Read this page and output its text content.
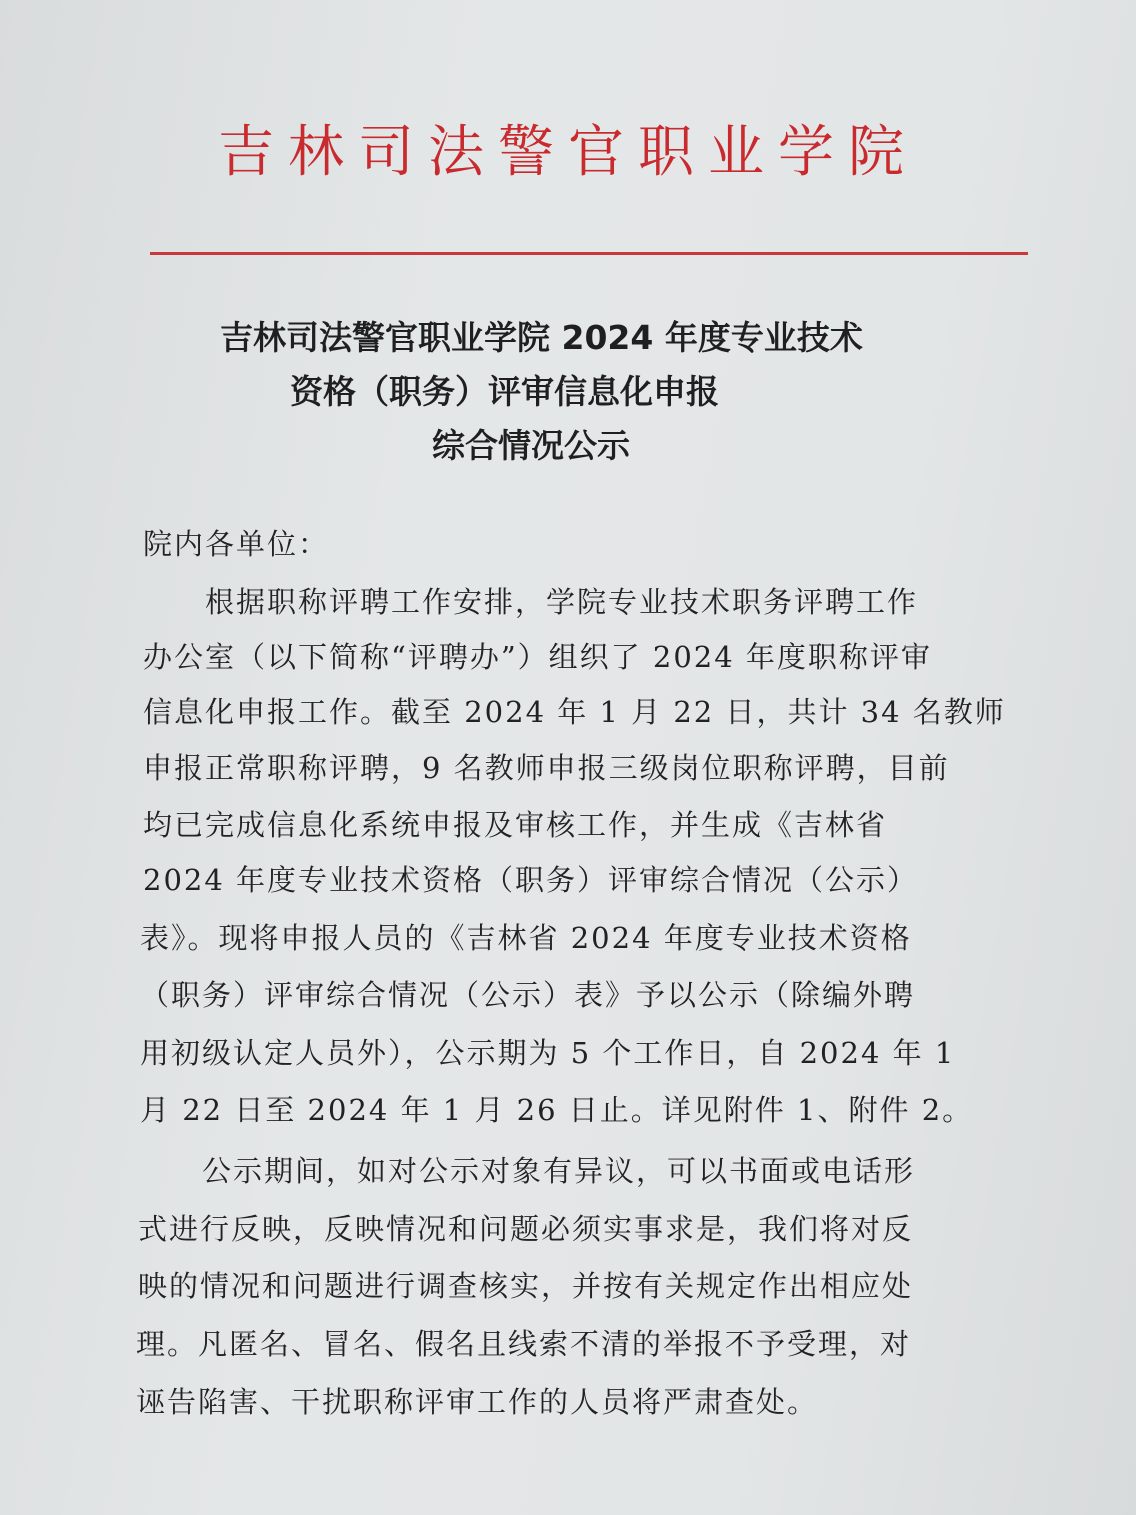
吉林司法警官职业学院
吉林司法警官职业学院 2024 年度专业技术
资格（职务）评审信息化申报
综合情况公示
院内各单位：
根据职称评聘工作安排，学院专业技术职务评聘工作
办公室（以下简称“评聘办”）组织了 2024 年度职称评审
信息化申报工作。截至 2024 年 1 月 22 日，共计 34 名教师
申报正常职称评聘，9 名教师申报三级岗位职称评聘，目前
均已完成信息化系统申报及审核工作，并生成《吉林省
2024 年度专业技术资格（职务）评审综合情况（公示）
表》。现将申报人员的《吉林省 2024 年度专业技术资格
（职务）评审综合情况（公示）表》予以公示（除编外聘
用初级认定人员外），公示期为 5 个工作日，自 2024 年 1
月 22 日至 2024 年 1 月 26 日止。详见附件 1、附件 2。
公示期间，如对公示对象有异议，可以书面或电话形
式进行反映，反映情况和问题必须实事求是，我们将对反
映的情况和问题进行调查核实，并按有关规定作出相应处
理。凡匿名、冒名、假名且线索不清的举报不予受理，对
诬告陷害、干扰职称评审工作的人员将严肃查处。
